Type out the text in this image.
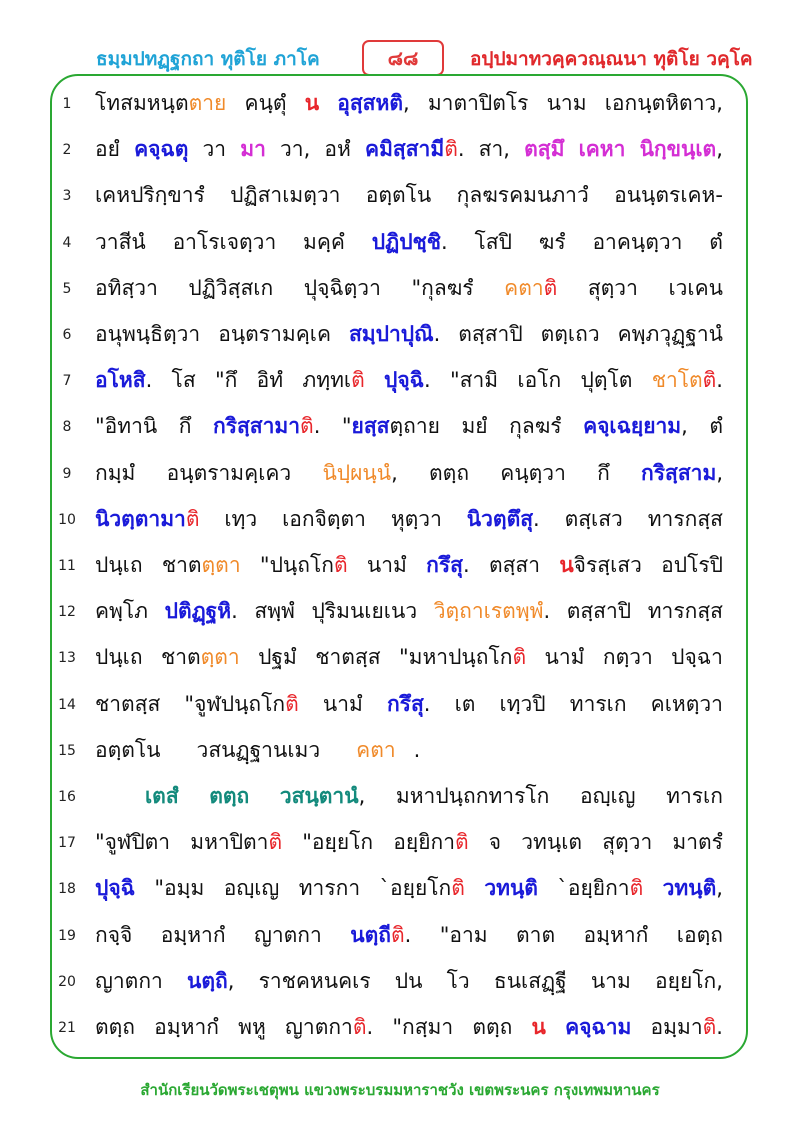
ธมฺมปทฏฺฐกถา ทุติโย ภาโค	๘๘	อปฺปมาทวคฺควณฺณนา ทุติโย วคฺโค
1	โทสมหนฺตตาย คนฺตุํ น อุสฺสหติ, มาตาปิตโร นาม เอกนฺตหิตาว,
2	อยํ คจฺฉตุ วา มา วา, อหํ คมิสฺสามีติ. สา, ตสฺมึ เคหา นิกฺขนฺเต,
3	เคหปริกฺขารํ ปฏิสาเมตฺวา อตฺตโน กุลฆรคมนภาวํ อนนฺตรเคห-
4	วาสีนํ อาโรเจตฺวา มคฺคํ ปฏิปชฺชิ. โสปิ ฆรํ อาคนฺตฺวา ตํ
5	อทิสฺวา ปฏิวิสฺสเก ปุจฺฉิตฺวา "กุลฆรํ คตาติ สุตฺวา เวเคน
6	อนุพนฺธิตฺวา อนฺตรามคฺเค สมฺปาปุณิ. ตสฺสาปิ ตตฺเถว คพฺภวุฏฺฐานํ
7	อโหสิ. โส "กึ อิทํ ภทฺทเติ ปุจฺฉิ. "สามิ เอโก ปุตฺโต ชาโตติ.
8	"อิทานิ กึ กริสฺสามาติ. "ยสฺสตฺถาย มยํ กุลฆรํ คจฺเฉยฺยาม, ตํ
9	กมฺมํ อนฺตรามคฺเคว นิปฺผนฺนํ, ตตฺถ คนฺตฺวา กึ กริสฺสาม,
10 นิวตฺตามาติ เทฺว เอกจิตฺตา หุตฺวา นิวตฺตึสุ. ตสฺเสว ทารกสฺส
11 ปนฺเถ ชาตตฺตา "ปนฺถโกติ นามํ กรึสุ. ตสฺสา นจิรสฺเสว อปโรปิ
12 คพฺโภ ปติฏฺฐหิ. สพฺพํ ปุริมนเยเนว วิตฺถาเรตพฺพํ. ตสฺสาปิ ทารกสฺส
13 ปนฺเถ ชาตตฺตา ปฐมํ ชาตสฺส "มหาปนฺถโกติ นามํ กตฺวา ปจฺฉา
14 ชาตสฺส "จูฬปนฺถโกติ นามํ กรึสุ. เต เทฺวปิ ทารเก คเหตฺวา
15 อตฺตโน	วสนฏฺฐานเมว	คตา .
16	เตสํ ตตฺถ วสนฺตานํ, มหาปนฺถกทารโก อญฺเญ ทารเก
17 "จูฬปิตา มหาปิตาติ "อยฺยโก อยฺยิกาติ จ วทนฺเต สุตฺวา มาตรํ
18 ปุจฺฉิ "อมฺม อญฺเญ ทารกา `อยฺยโกติ วทนฺติ `อยฺยิกาติ วทนฺติ,
19 กจฺจิ อมฺหากํ ญาตกา นตฺถีติ. "อาม ตาต อมฺหากํ เอตฺถ
20 ญาตกา นตฺถิ, ราชคหนคเร ปน โว ธนเสฏฺฐี นาม อยฺยโก,
21 ตตฺถ อมฺหากํ พหู ญาตกาติ. "กสฺมา ตตฺถ น คจฺฉาม อมฺมาติ.
สำนักเรียนวัดพระเชตุพน แขวงพระบรมมหาราชวัง เขตพระนคร กรุงเทพมหานคร
